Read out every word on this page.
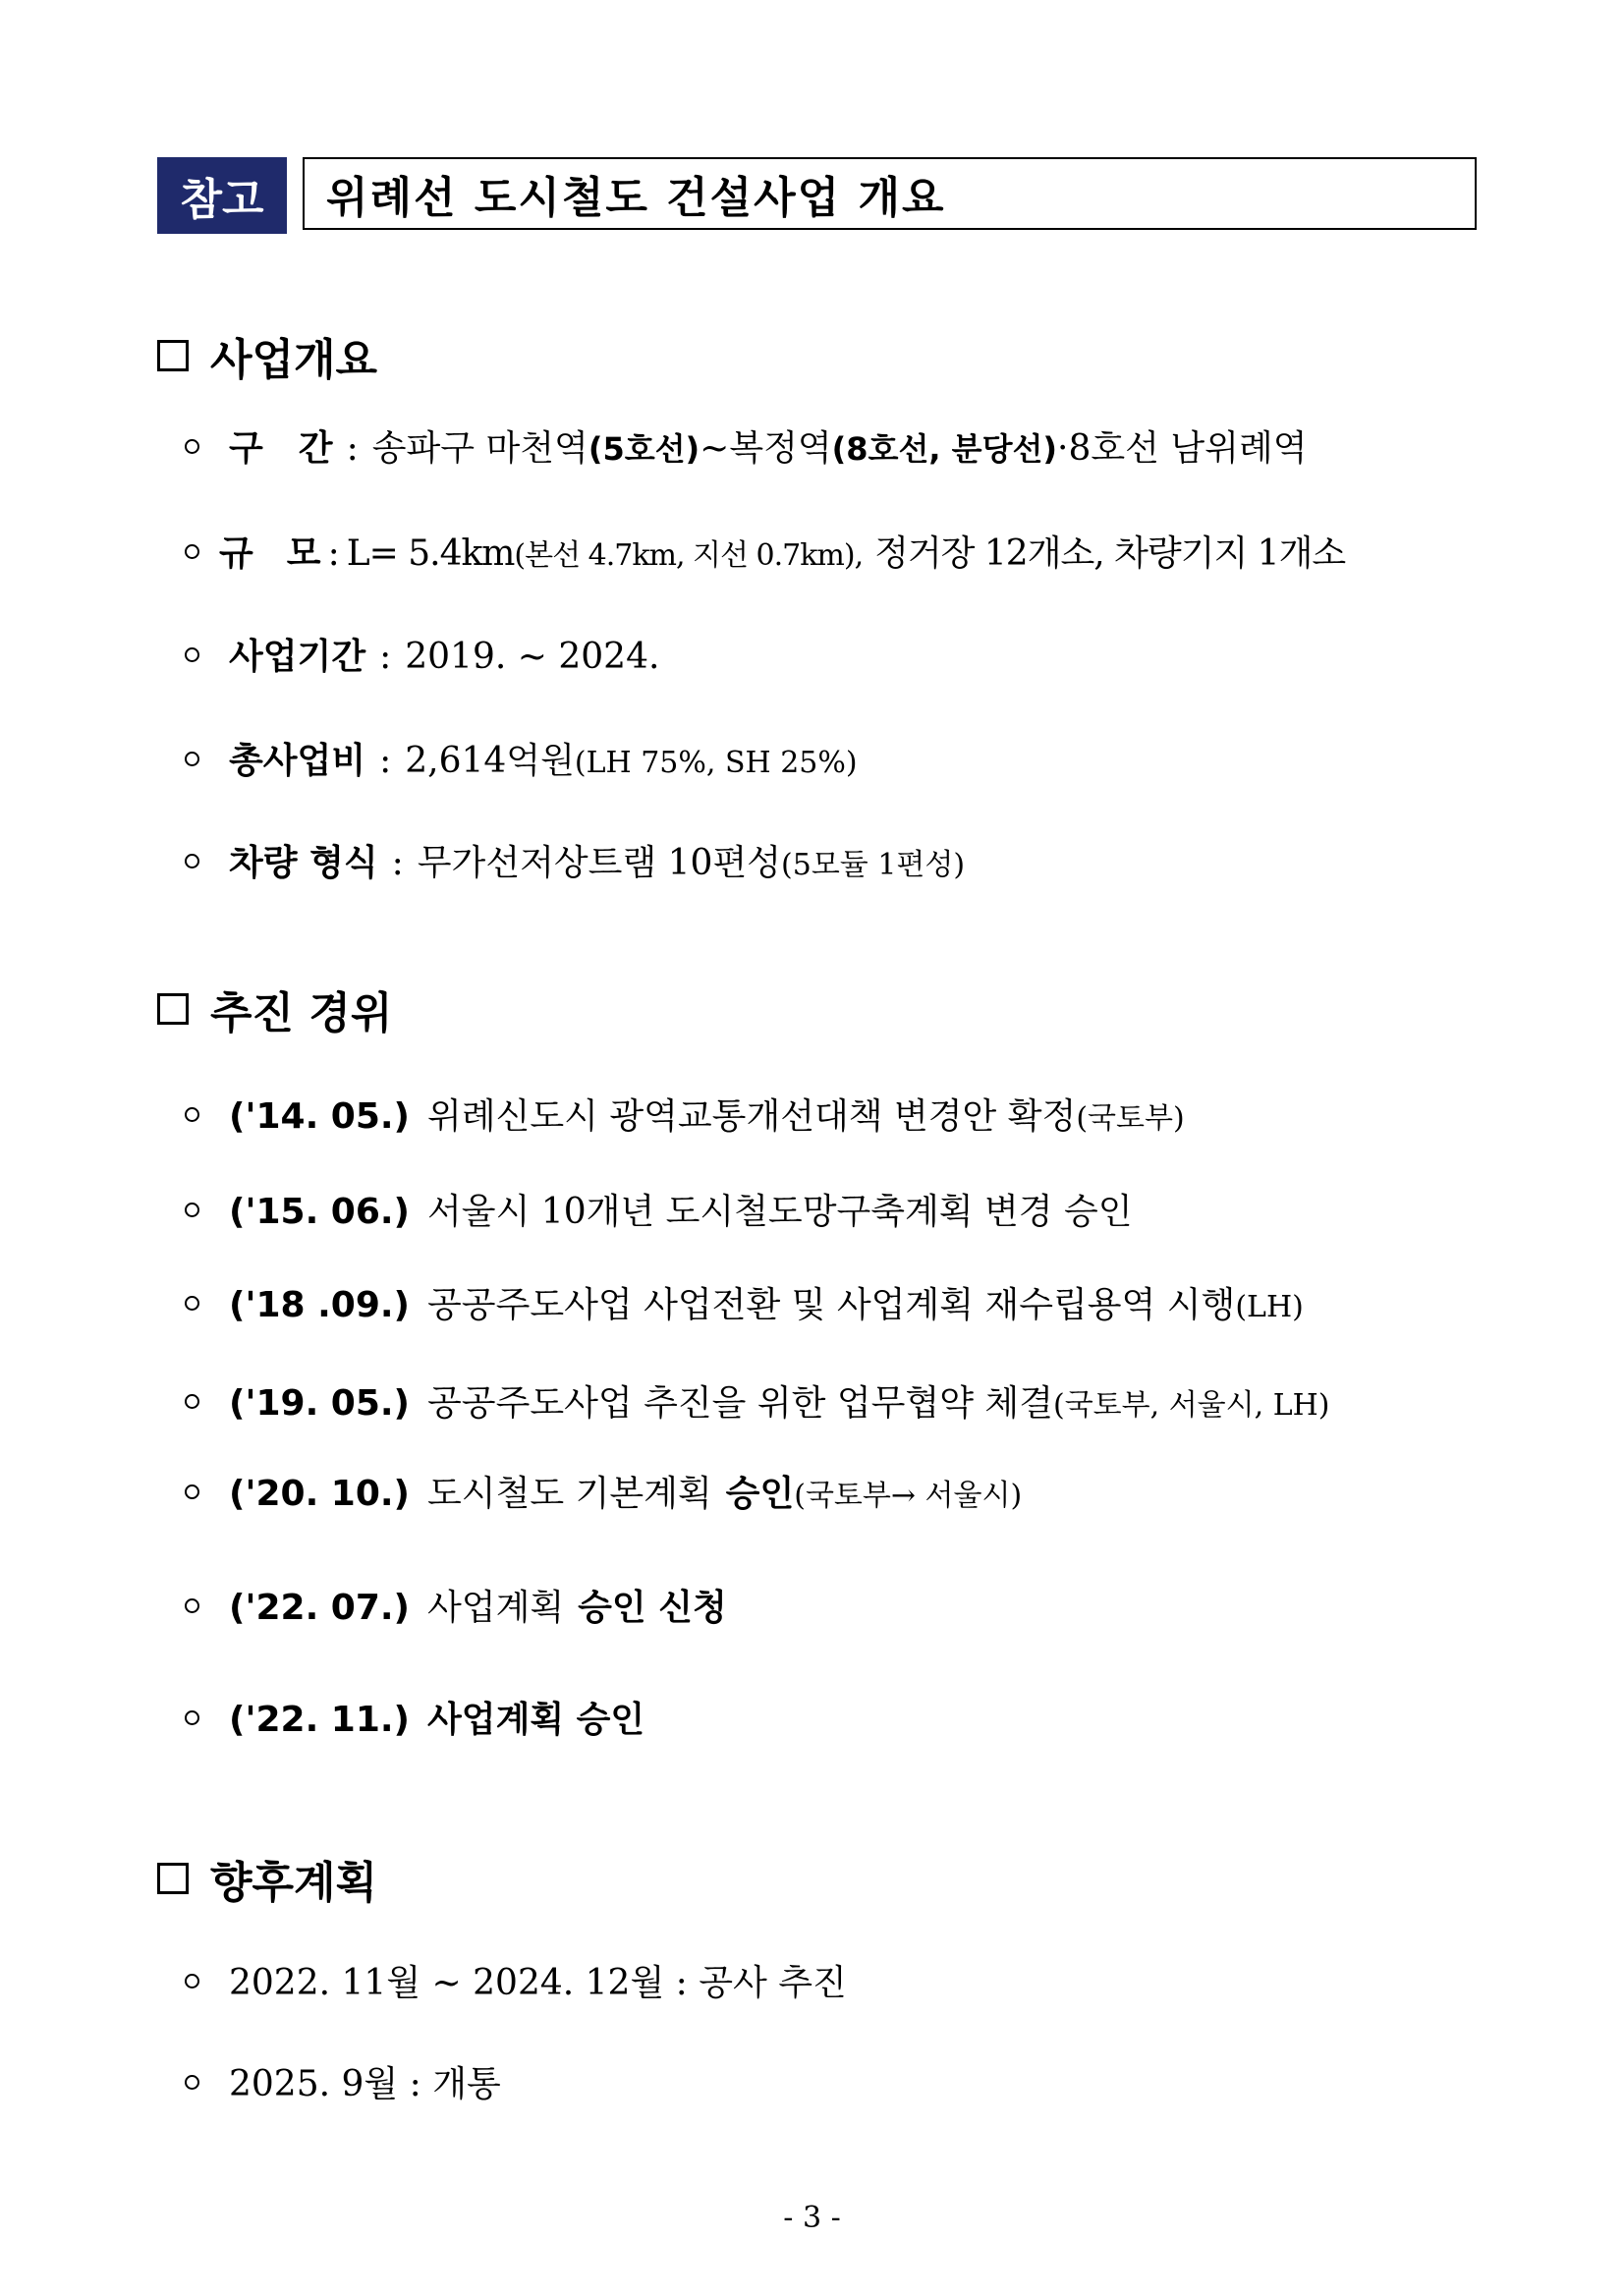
참고	위례선 도시철도 건설사업 개요
사업개요
구　간 : 송파구 마천역 (5호선) ~복정역 (8호선, 분당선) ·8호선 남위례역
규　모 : L= 5.4km (본선 4.7km, 지선 0.7km), 정거장 12개소, 차량기지 1개소
사업기간 : 2019. ~ 2024.
총사업비 : 2,614억원 (LH 75%, SH 25%)
차량 형식 : 무가선저상트램 10편성 (5모듈 1편성)
추진 경위
('14. 05.) 위례신도시 광역교통개선대책 변경안 확정 (국토부)
('15. 06.) 서울시 10개년 도시철도망구축계획 변경 승인
('18 .09.) 공공주도사업 사업전환 및 사업계획 재수립용역 시행 (LH)
('19. 05.) 공공주도사업 추진을 위한 업무협약 체결 (국토부, 서울시, LH)
('20. 10.) 도시철도 기본계획 승인 (국토부→ 서울시)
('22. 07.) 사업계획 승인 신청
('22. 11.) 사업계획 승인
향후계획
2022. 11월 ~ 2024. 12월 : 공사 추진
2025. 9월 : 개통
- 3 -
